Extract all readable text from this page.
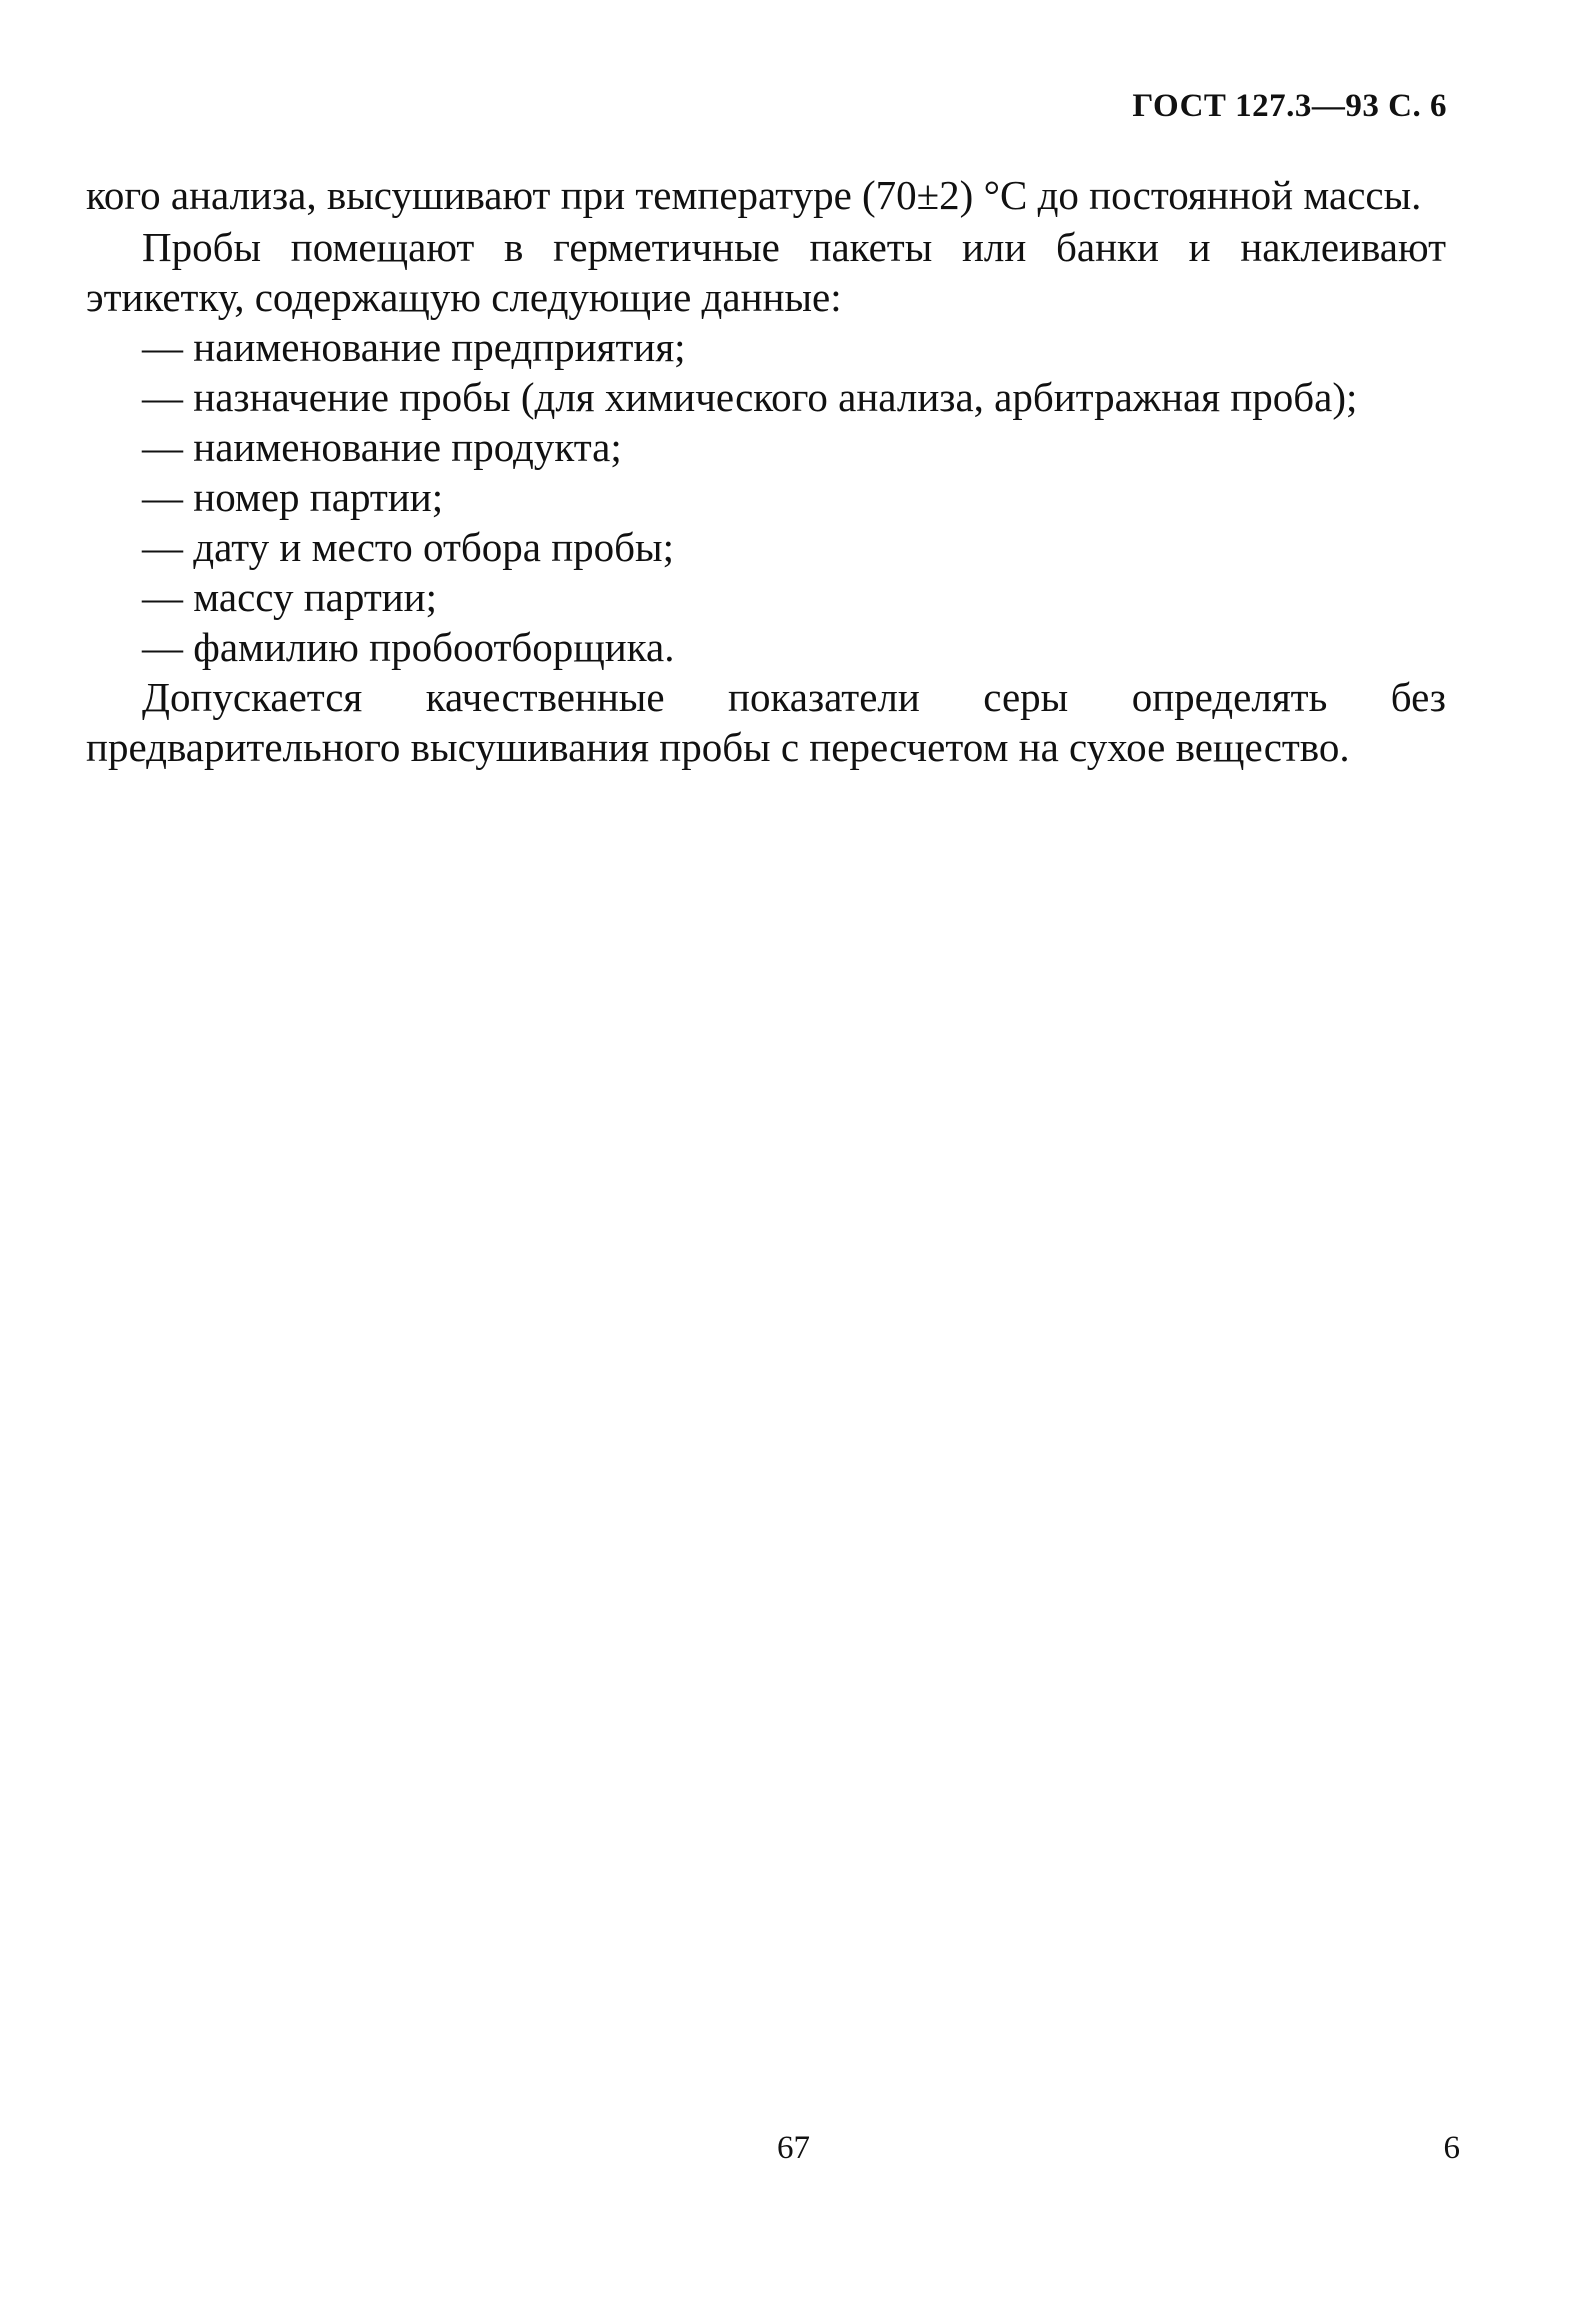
ГОСТ 127.3—93 С. 6

кого анализа, высушивают при температуре (70±2) °С до постоянной массы.

Пробы помещают в герметичные пакеты или банки и наклеивают этикетку, содержащую следующие данные:

— наименование предприятия;
— назначение пробы (для химического анализа, арбитражная проба);
— наименование продукта;
— номер партии;
— дату и место отбора пробы;
— массу партии;
— фамилию пробоотборщика.

Допускается качественные показатели серы определять без предварительного высушивания пробы с пересчетом на сухое вещество.

67	6
